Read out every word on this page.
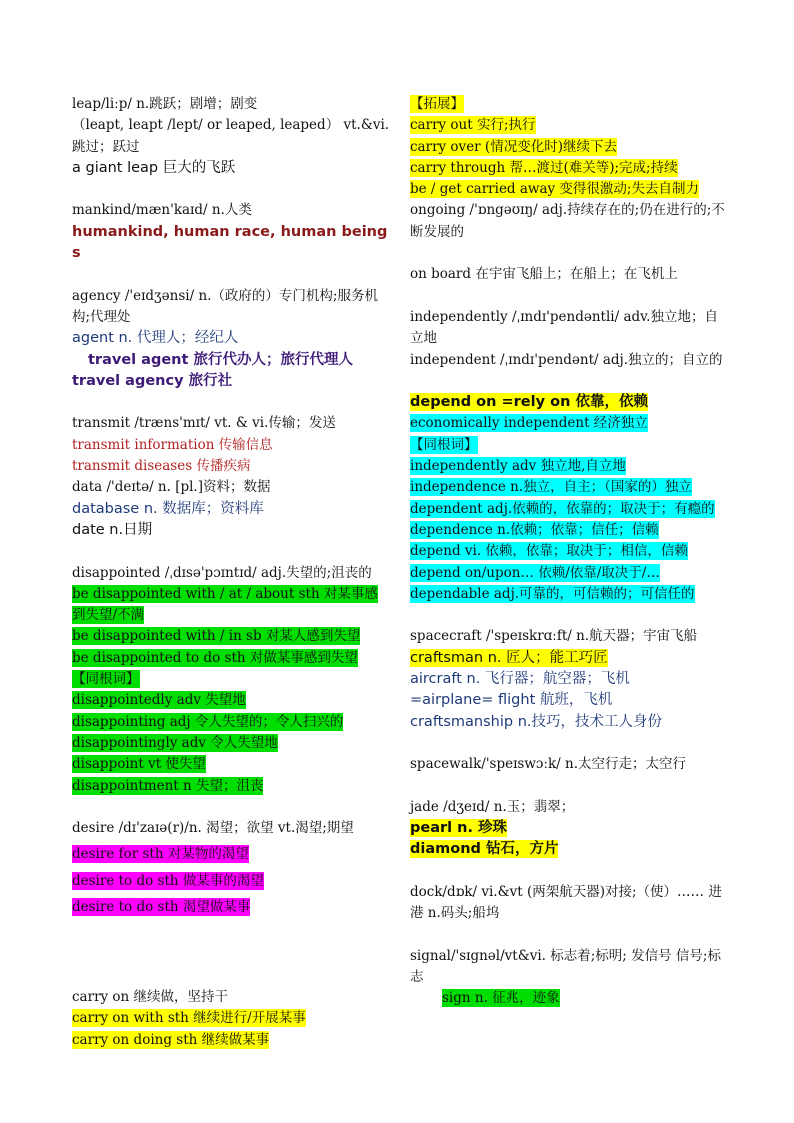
leap/liːp/ n.跳跃；剧增；剧变
（leapt, leapt /lept/ or leaped, leaped） vt.&vi.跳过；跃过
a giant leap 巨大的飞跃
mankind/mæn'kaɪd/ n.人类
humankind, human race, human beings
agency /'eɪdʒənsi/ n.（政府的）专门机构;服务机构;代理处
agent n. 代理人；经纪人
travel agent 旅行代办人；旅行代理人
travel agency 旅行社
transmit /træns'mɪt/ vt. & vi.传输；发送
transmit information 传输信息
transmit diseases 传播疾病
data /'deɪtə/ n. [pl.]资料；数据
database n. 数据库；资料库
date n.日期
disappointed /ˌdɪsə'pɔɪntɪd/ adj.失望的;沮丧的
be disappointed with / at / about sth 对某事感到失望/不满
be disappointed with / in sb 对某人感到失望
be disappointed to do sth 对做某事感到失望
【同根词】
disappointedly adv 失望地
disappointing adj 令人失望的；令人扫兴的
disappointingly adv 令人失望地
disappoint vt 使失望
disappointment n 失望；沮丧
desire /dɪ'zaɪə(r)/n. 渴望；欲望 vt.渴望;期望
desire for sth 对某物的渴望
desire to do sth 做某事的渴望
desire to do sth 渴望做某事
carry on 继续做，坚持干
carry on with sth 继续进行/开展某事
carry on doing sth 继续做某事
【拓展】
carry out 实行;执行
carry over (情况变化时)继续下去
carry through 帮…渡过(难关等);完成;持续
be / get carried away 变得很激动;失去自制力
ongoing /'ɒngəʊɪŋ/ adj.持续存在的;仍在进行的;不断发展的
on board 在宇宙飞船上；在船上；在飞机上
independently /ˌɪndɪ'pendəntli/ adv.独立地；自立地
independent /ˌɪndɪ'pendənt/ adj.独立的；自立的
depend on =rely on 依靠，依赖
economically independent 经济独立
【同根词】
independently adv 独立地,自立地
independence n.独立，自主；（国家的）独立
dependent adj.依赖的，依靠的；取决于；有瘾的
dependence n.依赖；依靠；信任；信赖
depend vi. 依赖，依靠；取决于；相信，信赖
depend on/upon… 依赖/依靠/取决于/…
dependable adj.可靠的，可信赖的；可信任的
spacecraft /'speɪskrɑːft/ n.航天器；宇宙飞船
craftsman n. 匠人；能工巧匠
aircraft n. 飞行器；航空器；飞机
=airplane= flight 航班，飞机
craftsmanship n.技巧，技术工人身份
spacewalk/'speɪswɔːk/ n.太空行走；太空行
jade /dʒeɪd/ n.玉；翡翠；
pearl n. 珍珠
diamond 钻石，方片
dock/dɒk/ vi.&vt (两架航天器)对接;（使）…… 进港 n.码头;船坞
signal/'sɪgnəl/vt&vi. 标志着;标明; 发信号 信号;标志
sign n. 征兆，迹象
